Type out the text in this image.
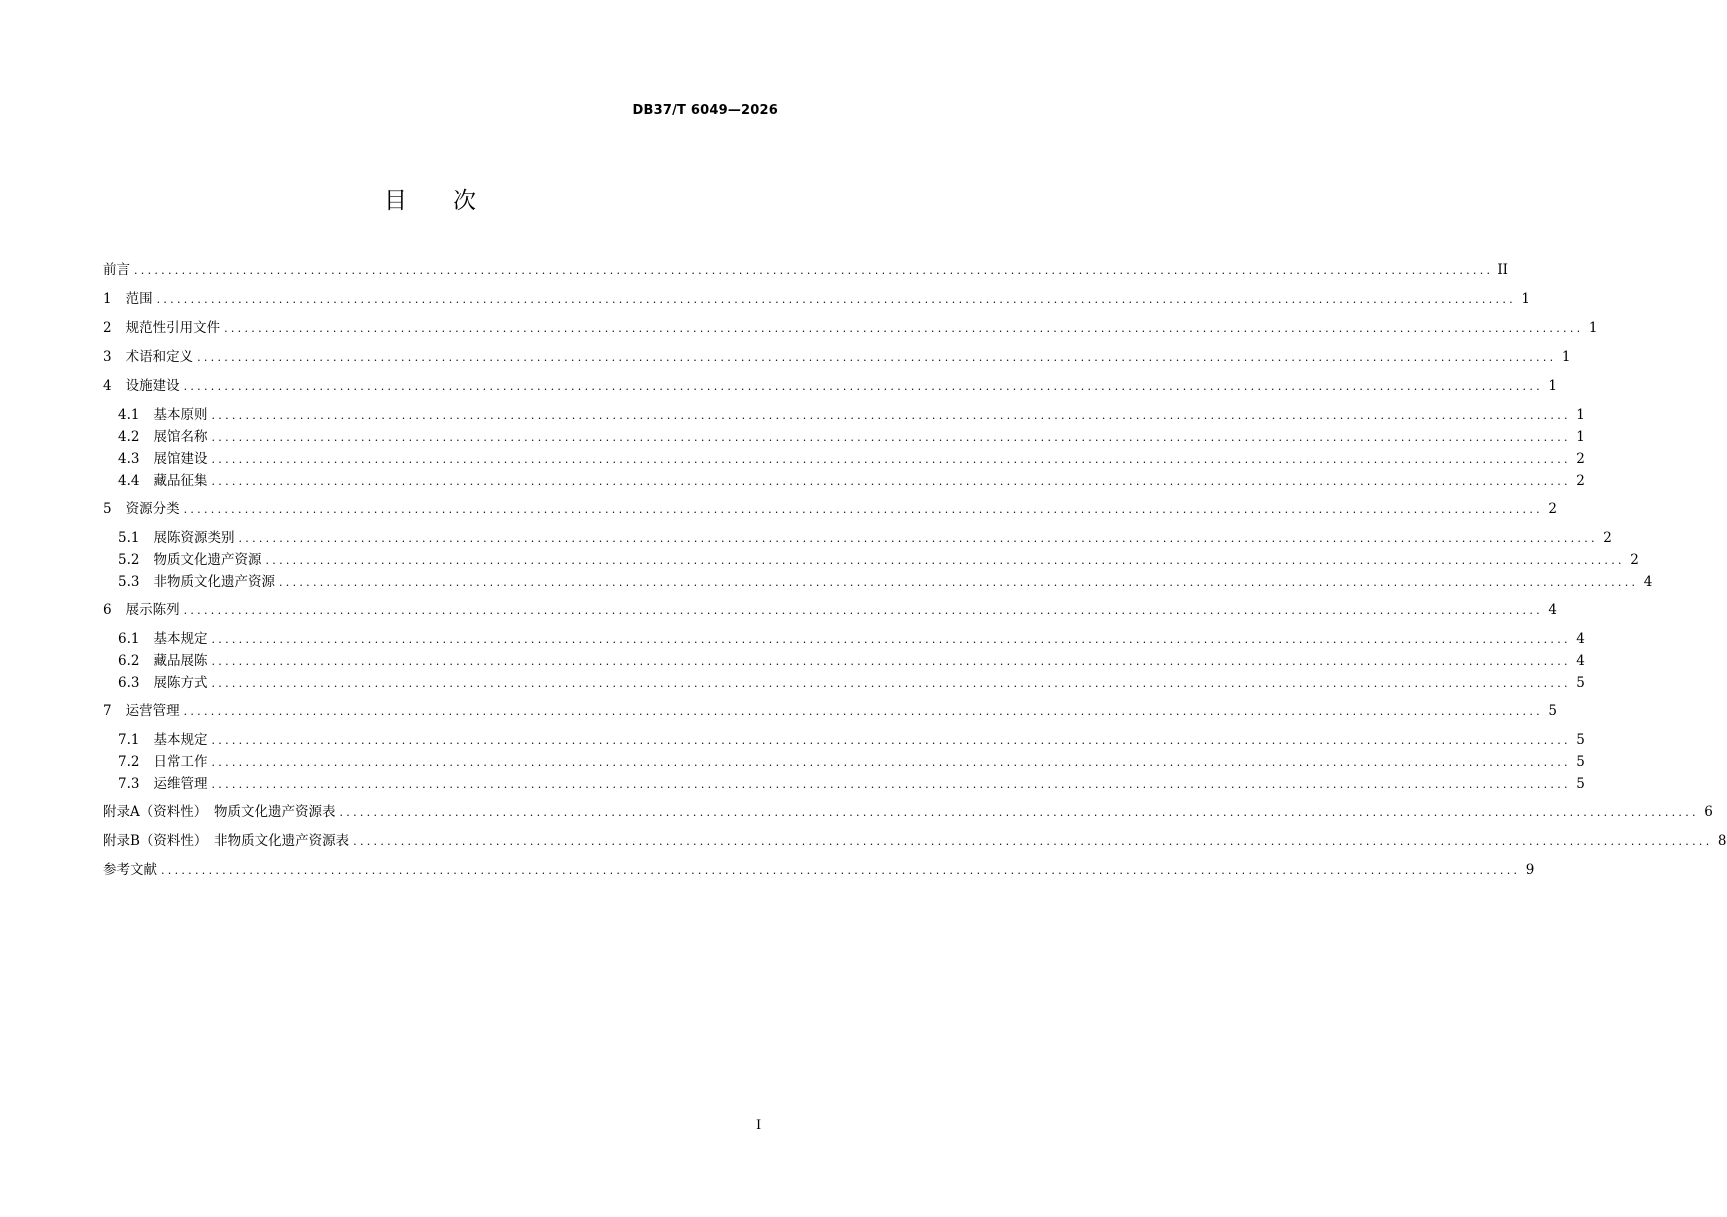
DB37/T 6049—2026
目 次
前言 ........................................................................................................................................................................................................ II
1 范围 ........................................................................................................................................................................................................ 1
2 规范性引用文件 ........................................................................................................................................................................................................ 1
3 术语和定义 ........................................................................................................................................................................................................ 1
4 设施建设 ........................................................................................................................................................................................................ 1
4.1 基本原则 ........................................................................................................................................................................................................ 1
4.2 展馆名称 ........................................................................................................................................................................................................ 1
4.3 展馆建设 ........................................................................................................................................................................................................ 2
4.4 藏品征集 ........................................................................................................................................................................................................ 2
5 资源分类 ........................................................................................................................................................................................................ 2
5.1 展陈资源类别 ........................................................................................................................................................................................................ 2
5.2 物质文化遗产资源 ........................................................................................................................................................................................................ 2
5.3 非物质文化遗产资源 ........................................................................................................................................................................................................ 4
6 展示陈列 ........................................................................................................................................................................................................ 4
6.1 基本规定 ........................................................................................................................................................................................................ 4
6.2 藏品展陈 ........................................................................................................................................................................................................ 4
6.3 展陈方式 ........................................................................................................................................................................................................ 5
7 运营管理 ........................................................................................................................................................................................................ 5
7.1 基本规定 ........................................................................................................................................................................................................ 5
7.2 日常工作 ........................................................................................................................................................................................................ 5
7.3 运维管理 ........................................................................................................................................................................................................ 5
附录A（资料性）　物质文化遗产资源表 ........................................................................................................................................................................................................ 6
附录B（资料性）　非物质文化遗产资源表 ........................................................................................................................................................................................................ 8
参考文献 ........................................................................................................................................................................................................ 9
I
